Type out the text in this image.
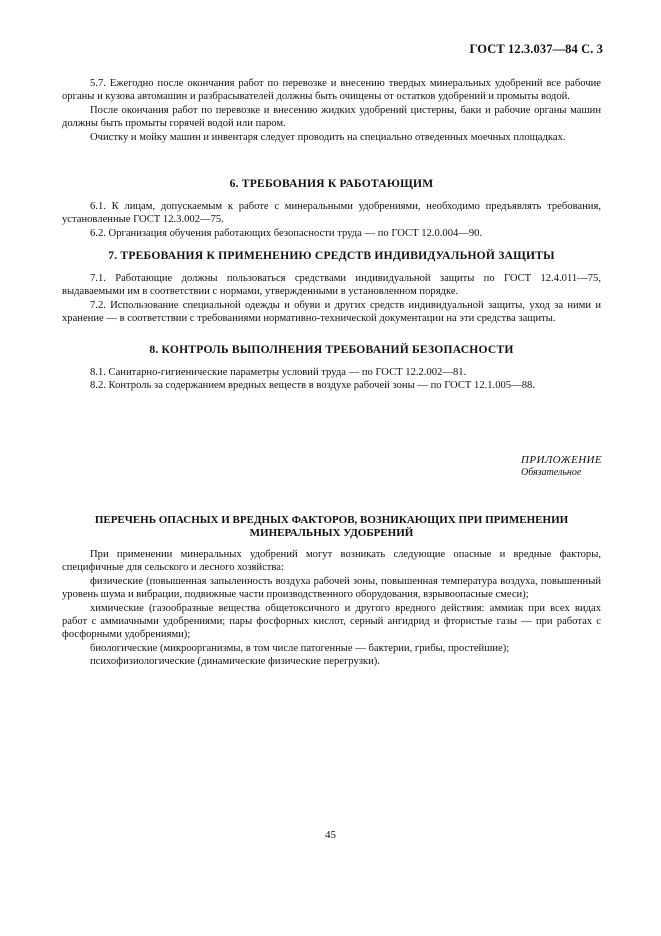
ГОСТ 12.3.037—84 С. 3

5.7. Ежегодно после окончания работ по перевозке и внесению твердых минеральных удобрений все рабочие органы и кузова автомашин и разбрасывателей должны быть очищены от остатков удобрений и промыты водой.

После окончания работ по перевозке и внесению жидких удобрений цистерны, баки и рабочие органы машин должны быть промыты горячей водой или паром.

Очистку и мойку машин и инвентаря следует проводить на специально отведенных моечных площадках.

6. ТРЕБОВАНИЯ К РАБОТАЮЩИМ

6.1. К лицам, допускаемым к работе с минеральными удобрениями, необходимо предъявлять требования, установленные ГОСТ 12.3.002—75.

6.2. Организация обучения работающих безопасности труда — по ГОСТ 12.0.004—90.

7. ТРЕБОВАНИЯ К ПРИМЕНЕНИЮ СРЕДСТВ ИНДИВИДУАЛЬНОЙ ЗАЩИТЫ

7.1. Работающие должны пользоваться средствами индивидуальной защиты по ГОСТ 12.4.011—75, выдаваемыми им в соответствии с нормами, утвержденными в установленном порядке.

7.2. Использование специальной одежды и обуви и других средств индивидуальной защиты, уход за ними и хранение — в соответствии с требованиями нормативно-технической документации на эти средства защиты.

8. КОНТРОЛЬ ВЫПОЛНЕНИЯ ТРЕБОВАНИЙ БЕЗОПАСНОСТИ

8.1. Санитарно-гигиенические параметры условий труда — по ГОСТ 12.2.002—81.

8.2. Контроль за содержанием вредных веществ в воздухе рабочей зоны — по ГОСТ 12.1.005—88.

ПРИЛОЖЕНИЕ
Обязательное
ПЕРЕЧЕНЬ ОПАСНЫХ И ВРЕДНЫХ ФАКТОРОВ, ВОЗНИКАЮЩИХ ПРИ ПРИМЕНЕНИИ
МИНЕРАЛЬНЫХ УДОБРЕНИЙ

При применении минеральных удобрений могут возникать следующие опасные и вредные факторы, специфичные для сельского и лесного хозяйства:

физические (повышенная запыленность воздуха рабочей зоны, повышенная температура воздуха, повышенный уровень шума и вибрации, подвижные части производственного оборудования, взрывоопасные смеси);

химические (газообразные вещества общетоксичного и другого вредного действия: аммиак при всех видах работ с аммиачными удобрениями; пары фосфорных кислот, серный ангидрид и фтористые газы — при работах с фосфорными удобрениями);

биологические (микроорганизмы, в том числе патогенные — бактерии, грибы, простейшие);

психофизиологические (динамические физические перегрузки).

45
